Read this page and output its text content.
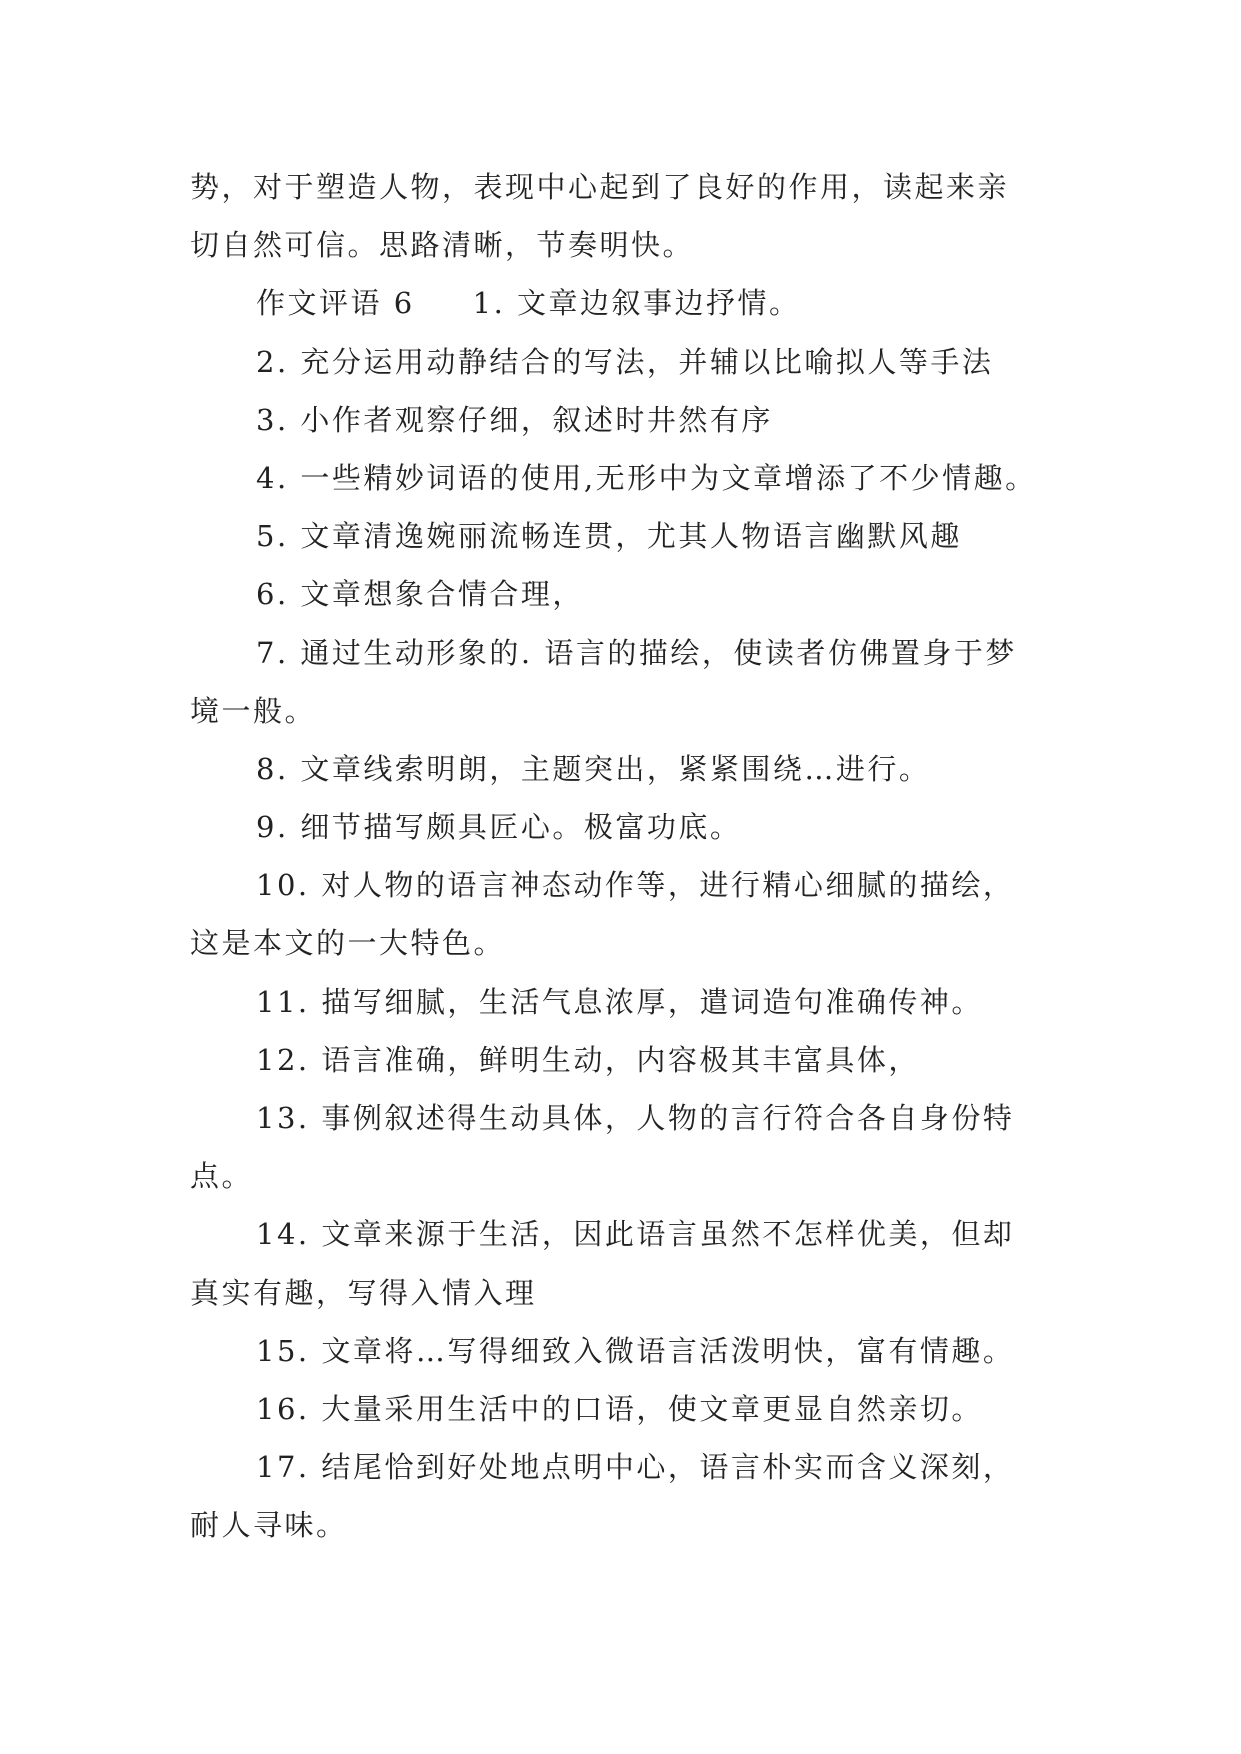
势，对于塑造人物，表现中心起到了良好的作用，读起来亲
切自然可信。思路清晰，节奏明快。
作文评语 6 1. 文章边叙事边抒情。
2. 充分运用动静结合的写法，并辅以比喻拟人等手法
3. 小作者观察仔细，叙述时井然有序
4. 一些精妙词语的使用,无形中为文章增添了不少情趣。
5. 文章清逸婉丽流畅连贯，尤其人物语言幽默风趣
6. 文章想象合情合理，
7. 通过生动形象的. 语言的描绘，使读者仿佛置身于梦
境一般。
8. 文章线索明朗，主题突出，紧紧围绕…进行。
9. 细节描写颇具匠心。极富功底。
10. 对人物的语言神态动作等，进行精心细腻的描绘，
这是本文的一大特色。
11. 描写细腻，生活气息浓厚，遣词造句准确传神。
12. 语言准确，鲜明生动，内容极其丰富具体，
13. 事例叙述得生动具体，人物的言行符合各自身份特
点。
14. 文章来源于生活，因此语言虽然不怎样优美，但却
真实有趣，写得入情入理
15. 文章将…写得细致入微语言活泼明快，富有情趣。
16. 大量采用生活中的口语，使文章更显自然亲切。
17. 结尾恰到好处地点明中心，语言朴实而含义深刻，
耐人寻味。
